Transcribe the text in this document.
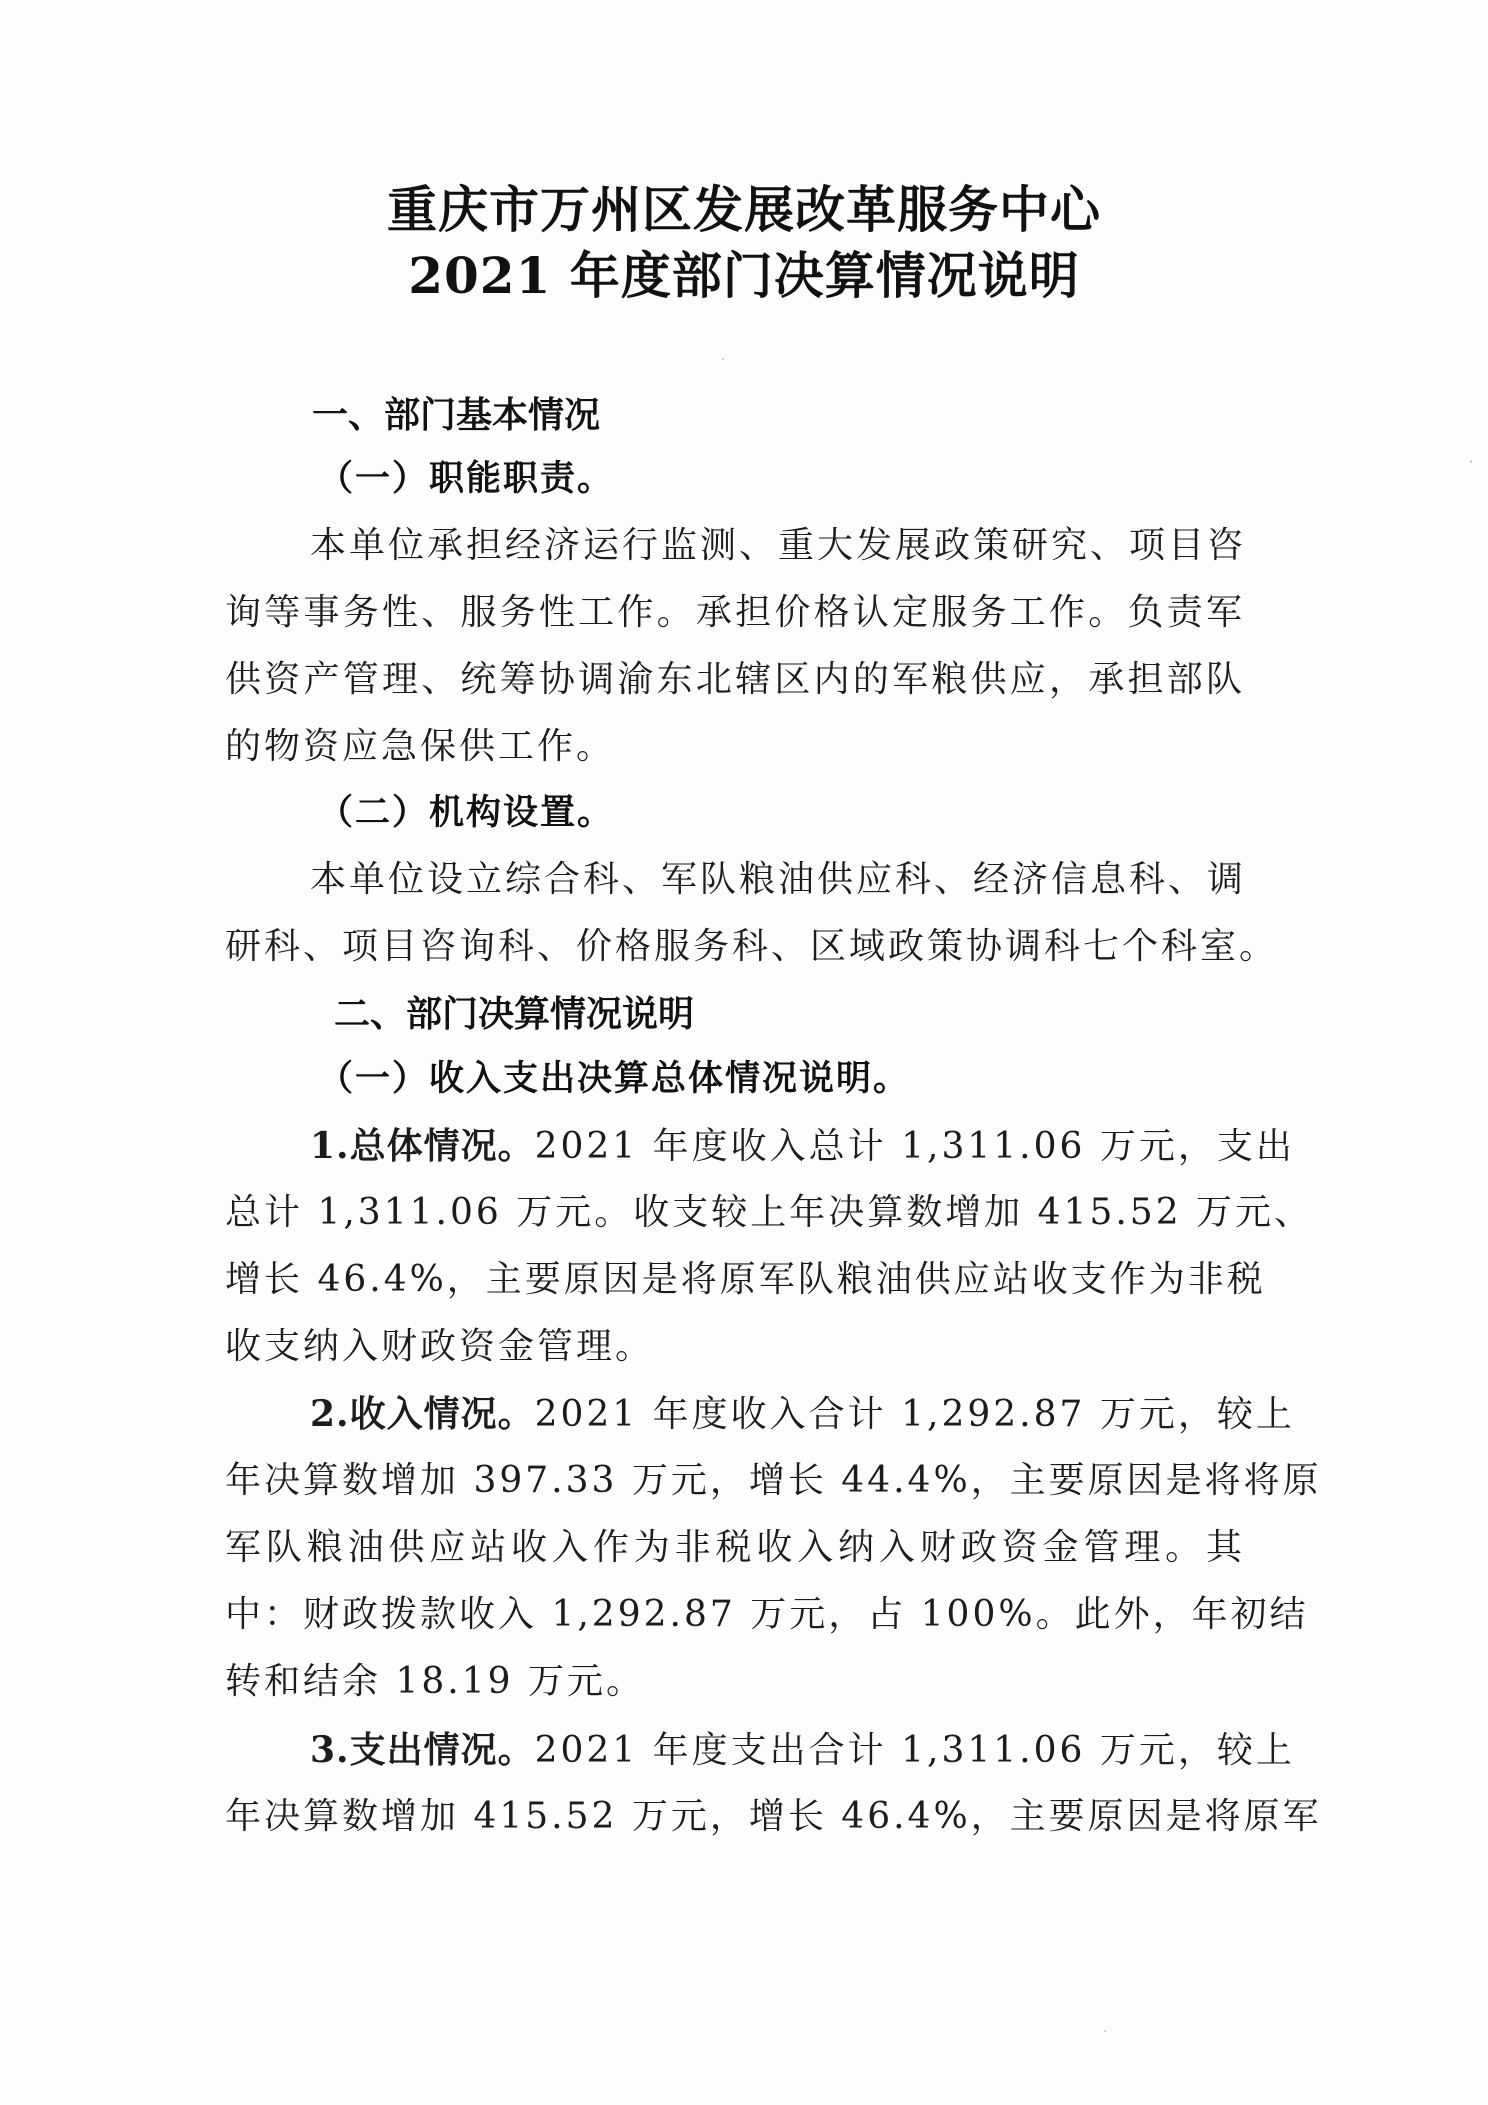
重庆市万州区发展改革服务中心
2021 年度部门决算情况说明
一、部门基本情况
（一）职能职责。
本单位承担经济运行监测、重大发展政策研究、项目咨
询等事务性、服务性工作。承担价格认定服务工作。负责军
供资产管理、统筹协调渝东北辖区内的军粮供应，承担部队
的物资应急保供工作。
（二）机构设置。
本单位设立综合科、军队粮油供应科、经济信息科、调
研科、项目咨询科、价格服务科、区域政策协调科七个科室。
二、部门决算情况说明
（一）收入支出决算总体情况说明。
1.总体情况。2021 年度收入总计 1,311.06 万元，支出
总计 1,311.06 万元。收支较上年决算数增加 415.52 万元、
增长 46.4%，主要原因是将原军队粮油供应站收支作为非税
收支纳入财政资金管理。
2.收入情况。2021 年度收入合计 1,292.87 万元，较上
年决算数增加 397.33 万元，增长 44.4%，主要原因是将将原
军队粮油供应站收入作为非税收入纳入财政资金管理。其
中：财政拨款收入 1,292.87 万元，占 100%。此外，年初结
转和结余 18.19 万元。
3.支出情况。2021 年度支出合计 1,311.06 万元，较上
年决算数增加 415.52 万元，增长 46.4%，主要原因是将原军
